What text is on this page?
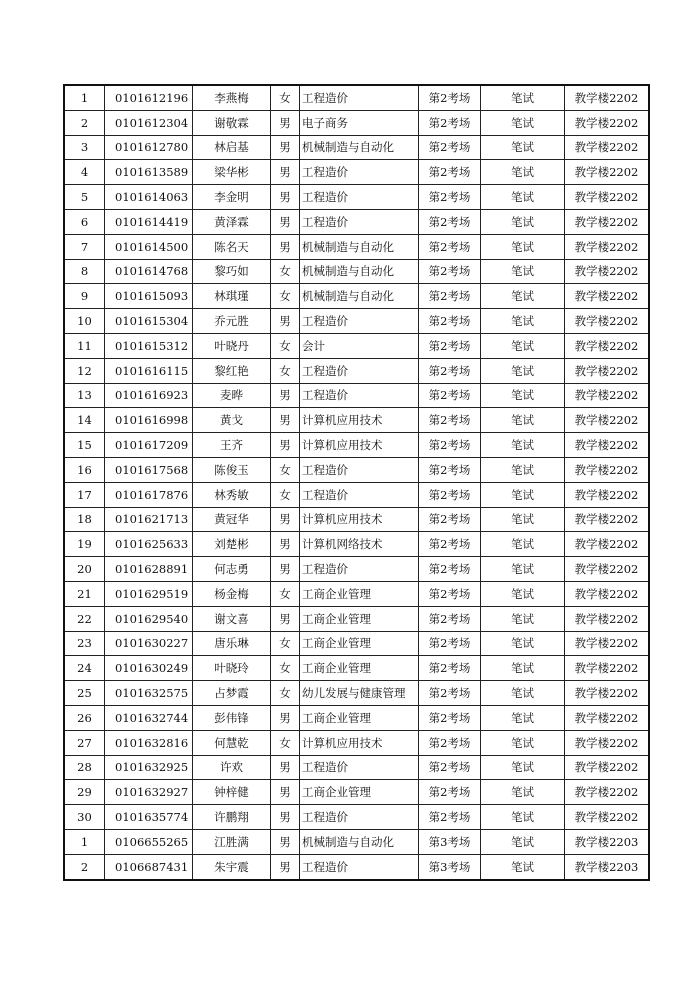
1	0101612196	李燕梅	女	工程造价	第2考场	笔试	教学楼2202
2	0101612304	谢敬霖	男	电子商务	第2考场	笔试	教学楼2202
3	0101612780	林启基	男	机械制造与自动化	第2考场	笔试	教学楼2202
4	0101613589	梁华彬	男	工程造价	第2考场	笔试	教学楼2202
5	0101614063	李金明	男	工程造价	第2考场	笔试	教学楼2202
6	0101614419	黄泽霖	男	工程造价	第2考场	笔试	教学楼2202
7	0101614500	陈名天	男	机械制造与自动化	第2考场	笔试	教学楼2202
8	0101614768	黎巧如	女	机械制造与自动化	第2考场	笔试	教学楼2202
9	0101615093	林琪瑾	女	机械制造与自动化	第2考场	笔试	教学楼2202
10	0101615304	乔元胜	男	工程造价	第2考场	笔试	教学楼2202
11	0101615312	叶晓丹	女	会计	第2考场	笔试	教学楼2202
12	0101616115	黎红艳	女	工程造价	第2考场	笔试	教学楼2202
13	0101616923	麦晔	男	工程造价	第2考场	笔试	教学楼2202
14	0101616998	黄戈	男	计算机应用技术	第2考场	笔试	教学楼2202
15	0101617209	王齐	男	计算机应用技术	第2考场	笔试	教学楼2202
16	0101617568	陈俊玉	女	工程造价	第2考场	笔试	教学楼2202
17	0101617876	林秀敏	女	工程造价	第2考场	笔试	教学楼2202
18	0101621713	黄冠华	男	计算机应用技术	第2考场	笔试	教学楼2202
19	0101625633	刘楚彬	男	计算机网络技术	第2考场	笔试	教学楼2202
20	0101628891	何志勇	男	工程造价	第2考场	笔试	教学楼2202
21	0101629519	杨金梅	女	工商企业管理	第2考场	笔试	教学楼2202
22	0101629540	谢文喜	男	工商企业管理	第2考场	笔试	教学楼2202
23	0101630227	唐乐琳	女	工商企业管理	第2考场	笔试	教学楼2202
24	0101630249	叶晓玲	女	工商企业管理	第2考场	笔试	教学楼2202
25	0101632575	占梦霞	女	幼儿发展与健康管理	第2考场	笔试	教学楼2202
26	0101632744	彭伟锋	男	工商企业管理	第2考场	笔试	教学楼2202
27	0101632816	何慧乾	女	计算机应用技术	第2考场	笔试	教学楼2202
28	0101632925	许欢	男	工程造价	第2考场	笔试	教学楼2202
29	0101632927	钟梓健	男	工商企业管理	第2考场	笔试	教学楼2202
30	0101635774	许鹏翔	男	工程造价	第2考场	笔试	教学楼2202
1	0106655265	江胜满	男	机械制造与自动化	第3考场	笔试	教学楼2203
2	0106687431	朱宇震	男	工程造价	第3考场	笔试	教学楼2203
